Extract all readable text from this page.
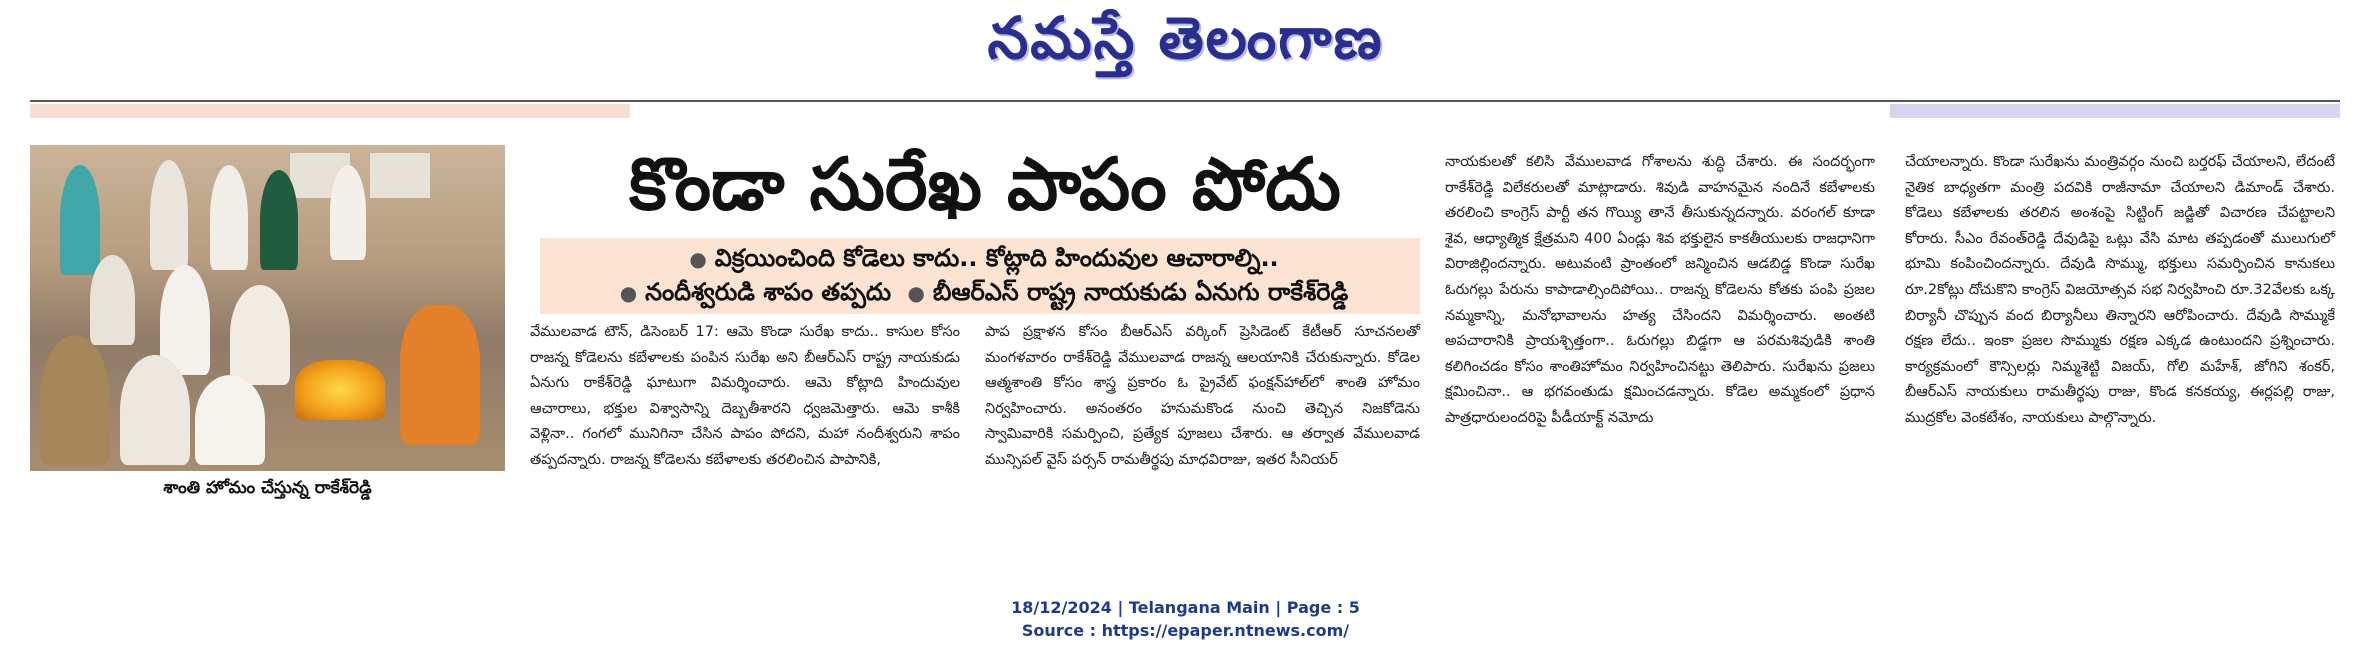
నమస్తే తెలంగాణ
శాంతి హోమం చేస్తున్న రాకేశ్‌రెడ్డి
కొండా సురేఖ పాపం పోదు
● విక్రయించింది కోడెలు కాదు.. కోట్లాది హిందువుల ఆచారాల్ని..
● నందీశ్వరుడి శాపం తప్పదు ● బీఆర్‌ఎస్‌ రాష్ట్ర నాయకుడు ఏనుగు రాకేశ్‌రెడ్డి

వేములవాడ టౌన్‌, డిసెంబర్‌ 17: ఆమె కొండా సురేఖ కాదు.. కాసుల కోసం రాజన్న కోడెలను కబేళాలకు పంపిన సురేఖ అని బీఆర్‌ఎస్‌ రాష్ట్ర నాయకుడు ఏనుగు రాకేశ్‌రెడ్డి ఘాటుగా విమర్శించారు. ఆమె కోట్లాది హిందువుల ఆచారాలు, భక్తుల విశ్వాసాన్ని దెబ్బతీశారని ధ్వజమెత్తారు. ఆమె కాశీకి వెళ్లినా.. గంగలో మునిగినా చేసిన పాపం పోదని, మహా నందీశ్వరుని శాపం తప్పదన్నారు. రాజన్న కోడెలను కబేళాలకు తరలించిన పాపానికి,

పాప ప్రక్షాళన కోసం బీఆర్‌ఎస్‌ వర్కింగ్‌ ప్రెసిడెంట్‌ కేటీఆర్‌ సూచనలతో మంగళవారం రాకేశ్‌రెడ్డి వేములవాడ రాజన్న ఆలయానికి చేరుకున్నారు. కోడెల ఆత్మశాంతి కోసం శాస్త్ర ప్రకారం ఓ ప్రైవేట్‌ ఫంక్షన్‌హాల్‌లో శాంతి హోమం నిర్వహించారు. అనంతరం హనుమకొండ నుంచి తెచ్చిన నిజకోడెను స్వామివారికి సమర్పించి, ప్రత్యేక పూజలు చేశారు. ఆ తర్వాత వేములవాడ మున్సిపల్‌ వైస్‌ పర్సన్‌ రామతీర్థపు మాధవిరాజు, ఇతర సీనియర్‌

నాయకులతో కలిసి వేములవాడ గోశాలను శుద్ధి చేశారు. ఈ సందర్భంగా రాకేశ్‌రెడ్డి విలేకరులతో మాట్లాడారు. శివుడి వాహనమైన నందినే కబేళాలకు తరలించి కాంగ్రెస్‌ పార్టీ తన గొయ్యి తానే తీసుకున్నదన్నారు. వరంగల్‌ కూడా శైవ, ఆధ్యాత్మిక క్షేత్రమని 400 ఏండ్లు శివ భక్తులైన కాకతీయులకు రాజధానిగా విరాజిల్లిందన్నారు. అటువంటి ప్రాంతంలో జన్మించిన ఆడబిడ్డ కొండా సురేఖ ఓరుగల్లు పేరును కాపాడాల్సిందిపోయి.. రాజన్న కోడెలను కోతకు పంపి ప్రజల నమ్మకాన్ని, మనోభావాలను హత్య చేసిందని విమర్శించారు. అంతటి అపచారానికి ప్రాయశ్చిత్తంగా.. ఓరుగల్లు బిడ్డగా ఆ పరమశివుడికి శాంతి కలిగించడం కోసం శాంతిహోమం నిర్వహించినట్టు తెలిపారు. సురేఖను ప్రజలు క్షమించినా.. ఆ భగవంతుడు క్షమించడన్నారు. కోడెల అమ్మకంలో ప్రధాన పాత్రధారులందరిపై పీడీయాక్ట్‌ నమోదు

చేయాలన్నారు. కొండా సురేఖను మంత్రివర్గం నుంచి బర్తరఫ్‌ చేయాలని, లేదంటే నైతిక బాధ్యతగా మంత్రి పదవికి రాజీనామా చేయాలని డిమాండ్‌ చేశారు. కోడెలు కబేళాలకు తరలిన అంశంపై సిట్టింగ్‌ జడ్జితో విచారణ చేపట్టాలని కోరారు. సీఎం రేవంత్‌రెడ్డి దేవుడిపై ఒట్లు వేసి మాట తప్పడంతో ములుగులో భూమి కంపించిందన్నారు. దేవుడి సొమ్ము, భక్తులు సమర్పించిన కానుకలు రూ.2కోట్లు దోచుకొని కాంగ్రెస్‌ విజయోత్సవ సభ నిర్వహించి రూ.32వేలకు ఒక్క బిర్యానీ చొప్పున వంద బిర్యానీలు తిన్నారని ఆరోపించారు. దేవుడి సొమ్ముకే రక్షణ లేదు.. ఇంకా ప్రజల సొమ్ముకు రక్షణ ఎక్కడ ఉంటుందని ప్రశ్నించారు. కార్యక్రమంలో కౌన్సిలర్లు నిమ్మశెట్టి విజయ్‌, గోలి మహేశ్‌, జోగిని శంకర్‌, బీఆర్‌ఎస్‌ నాయకులు రామతీర్థపు రాజు, కొండ కనకయ్య, ఈర్లపల్లి రాజు, ముద్రకోల వెంకటేశం, నాయకులు పాల్గొన్నారు.

18/12/2024 | Telangana Main | Page : 5
Source : https://epaper.ntnews.com/
